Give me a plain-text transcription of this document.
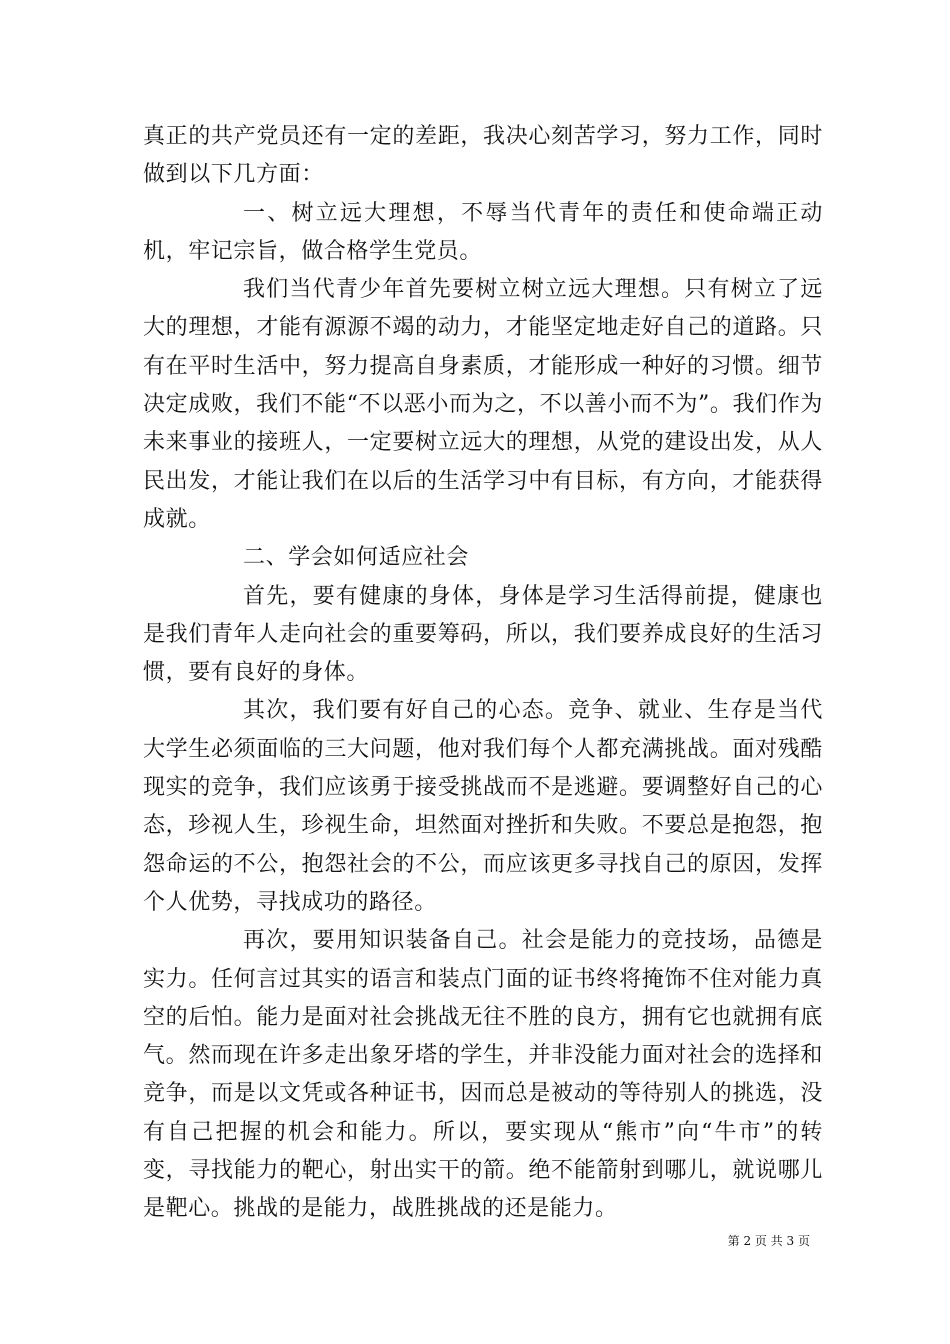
真正的共产党员还有一定的差距，我决心刻苦学习，努力工作，同时做到以下几方面：

一、树立远大理想，不辱当代青年的责任和使命端正动机，牢记宗旨，做合格学生党员。

我们当代青少年首先要树立树立远大理想。只有树立了远大的理想，才能有源源不竭的动力，才能坚定地走好自己的道路。只有在平时生活中，努力提高自身素质，才能形成一种好的习惯。细节决定成败，我们不能“不以恶小而为之，不以善小而不为”。我们作为未来事业的接班人，一定要树立远大的理想，从党的建设出发，从人民出发，才能让我们在以后的生活学习中有目标，有方向，才能获得成就。

二、学会如何适应社会

首先，要有健康的身体，身体是学习生活得前提，健康也是我们青年人走向社会的重要筹码，所以，我们要养成良好的生活习惯，要有良好的身体。

其次，我们要有好自己的心态。竞争、就业、生存是当代大学生必须面临的三大问题，他对我们每个人都充满挑战。面对残酷现实的竞争，我们应该勇于接受挑战而不是逃避。要调整好自己的心态，珍视人生，珍视生命，坦然面对挫折和失败。不要总是抱怨，抱怨命运的不公，抱怨社会的不公，而应该更多寻找自己的原因，发挥个人优势，寻找成功的路径。

再次，要用知识装备自己。社会是能力的竞技场，品德是实力。任何言过其实的语言和装点门面的证书终将掩饰不住对能力真空的后怕。能力是面对社会挑战无往不胜的良方，拥有它也就拥有底气。然而现在许多走出象牙塔的学生，并非没能力面对社会的选择和竞争，而是以文凭或各种证书，因而总是被动的等待别人的挑选，没有自己把握的机会和能力。所以，要实现从“熊市”向“牛市”的转变，寻找能力的靶心，射出实干的箭。绝不能箭射到哪儿，就说哪儿是靶心。挑战的是能力，战胜挑战的还是能力。

第 2 页 共 3 页
